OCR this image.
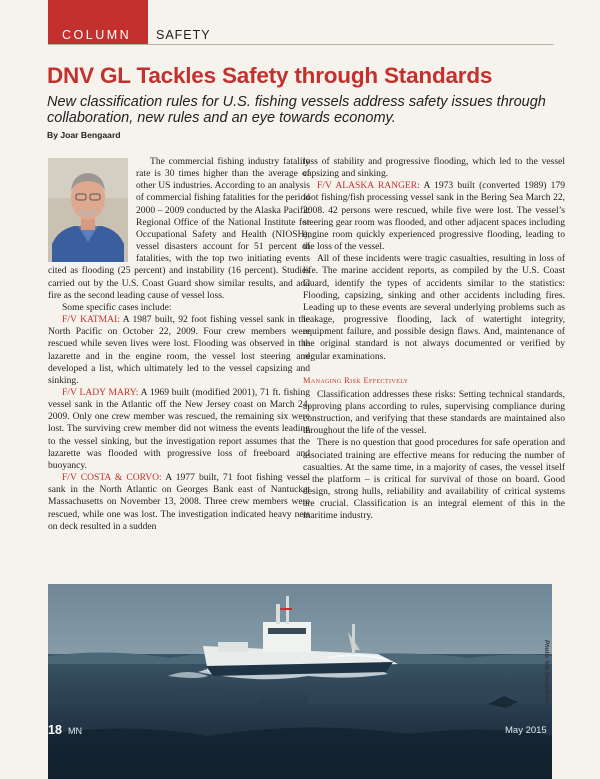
COLUMN SAFETY
DNV GL Tackles Safety through Standards
New classification rules for U.S. fishing vessels address safety issues through collaboration, new rules and an eye towards economy.
By Joar Bengaard

The commercial fishing industry fatality rate is 30 times higher than the average of other US industries. According to an analysis of commercial fishing fatalities for the period 2000 – 2009 conducted by the Alaska Pacific Regional Office of the National Institute for Occupational Safety and Health (NIOSH), vessel disasters account for 51 percent of fatalities, with the top two initiating events cited as flooding (25 percent) and instability (16 percent). Studies carried out by the U.S. Coast Guard show similar results, and add fire as the second leading cause of vessel loss.

Some specific cases include:

F/V KATMAI: A 1987 built, 92 foot fishing vessel sank in the North Pacific on October 22, 2009. Four crew members were rescued while seven lives were lost. Flooding was observed in the lazarette and in the engine room, the vessel lost steering and developed a list, which ultimately led to the vessel capsizing and sinking.

F/V LADY MARY: A 1969 built (modified 2001), 71 ft. fishing vessel sank in the Atlantic off the New Jersey coast on March 24, 2009. Only one crew member was rescued, the remaining six were lost. The surviving crew member did not witness the events leading to the vessel sinking, but the investigation report assumes that the lazarette was flooded with progressive loss of freeboard and buoyancy.

F/V COSTA & CORVO: A 1977 built, 71 foot fishing vessel sank in the North Atlantic on Georges Bank east of Nantucket Massachusetts on November 13, 2008. Three crew members were rescued, while one was lost. The investigation indicated heavy nets on deck resulted in a sudden

loss of stability and progressive flooding, which led to the vessel capsizing and sinking.

F/V ALASKA RANGER: A 1973 built (converted 1989) 179 foot fishing/fish processing vessel sank in the Bering Sea March 22, 2008. 42 persons were rescued, while five were lost. The vessel’s steering gear room was flooded, and other adjacent spaces including engine room quickly experienced progressive flooding, leading to the loss of the vessel.

All of these incidents were tragic casualties, resulting in loss of life. The marine accident reports, as compiled by the U.S. Coast Guard, identify the types of accidents similar to the statistics: Flooding, capsizing, sinking and other accidents including fires. Leading up to these events are several underlying problems such as leakage, progressive flooding, lack of watertight integrity, equipment failure, and possible design flaws. And, maintenance of the original standard is not always documented or verified by regular examinations.

Managing Risk Effectively

Classification addresses these risks: Setting technical standards, approving plans according to rules, supervising compliance during construction, and verifying that these standards are maintained also throughout the life of the vessel.

There is no question that good procedures for safe operation and associated training are effective means for reducing the number of casualties. At the same time, in a majority of cases, the vessel itself – the platform – is critical for survival of those on board. Good design, strong hulls, reliability and availability of critical systems are crucial. Classification is an integral element of this in the maritime industry.

Photo: Vik-Sandvik AS
18 MN	May 2015
